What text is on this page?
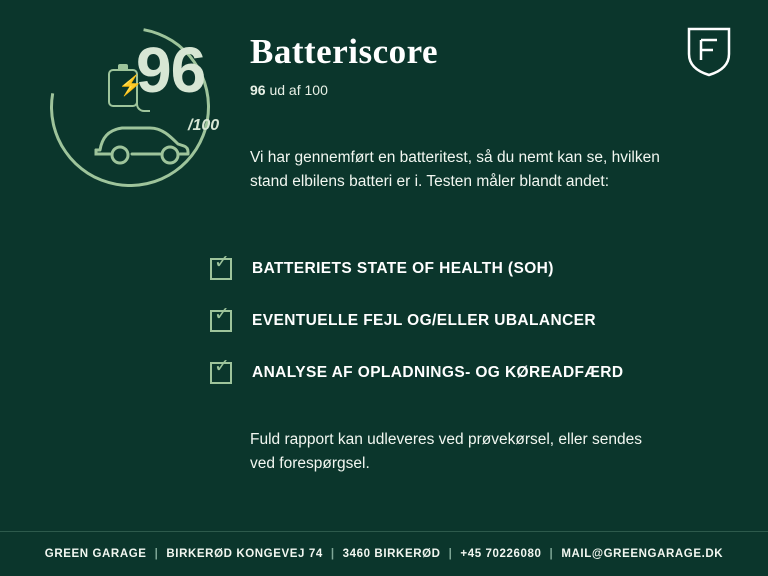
⚡
96
/100
Batteriscore
96 ud af 100
Vi har gennemført en batteritest, så du nemt kan se, hvilken stand elbilens batteri er i. Testen måler blandt andet:
✓ BATTERIETS STATE OF HEALTH (SOH)
✓ EVENTUELLE FEJL OG/ELLER UBALANCER
✓ ANALYSE AF OPLADNINGS- OG KØREADFÆRD
Fuld rapport kan udleveres ved prøvekørsel, eller sendes ved forespørgsel.
GREEN GARAGE | BIRKERØD KONGEVEJ 74 | 3460 BIRKERØD | +45 70226080 | MAIL@GREENGARAGE.DK
